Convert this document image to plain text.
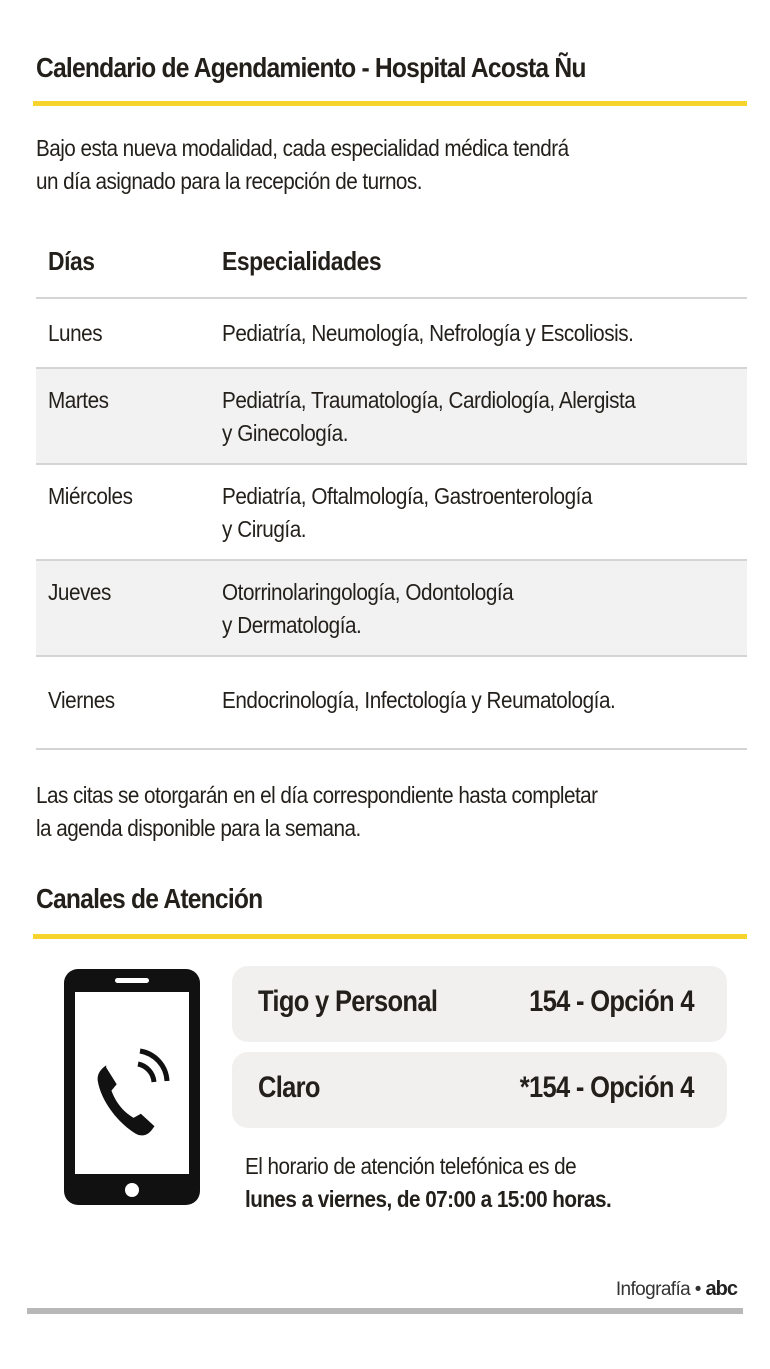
Calendario de Agendamiento - Hospital Acosta Ñu
Bajo esta nueva modalidad, cada especialidad médica tendrá
un día asignado para la recepción de turnos.
Días	Especialidades
Lunes	Pediatría, Neumología, Nefrología y Escoliosis.
Martes	Pediatría, Traumatología, Cardiología, Alergista
y Ginecología.
Miércoles	Pediatría, Oftalmología, Gastroenterología
y Cirugía.
Jueves	Otorrinolaringología, Odontología
y Dermatología.
Viernes	Endocrinología, Infectología y Reumatología.
Las citas se otorgarán en el día correspondiente hasta completar
la agenda disponible para la semana.
Canales de Atención
Tigo y Personal	154 - Opción 4
Claro	*154 - Opción 4
El horario de atención telefónica es de
lunes a viernes, de 07:00 a 15:00 horas.
Infografía • abc
